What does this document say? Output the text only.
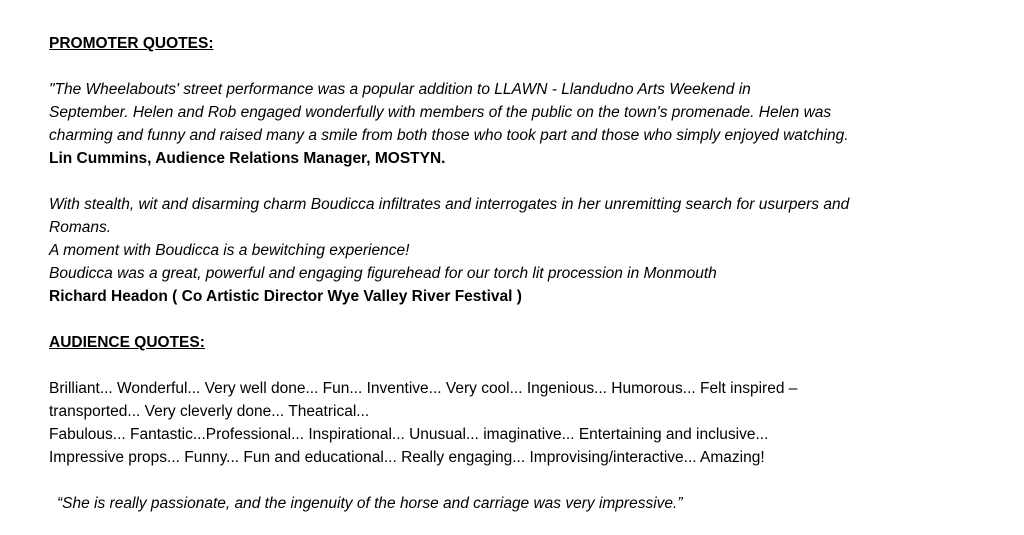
PROMOTER QUOTES:

"The Wheelabouts' street performance was a popular addition to LLAWN - Llandudno Arts Weekend in

September. Helen and Rob engaged wonderfully with members of the public on the town's promenade. Helen was

charming and funny and raised many a smile from both those who took part and those who simply enjoyed watching.

Lin Cummins, Audience Relations Manager, MOSTYN.

With stealth, wit and disarming charm Boudicca infiltrates and interrogates in her unremitting search for usurpers and

Romans.

A moment with Boudicca is a bewitching experience!

Boudicca was a great, powerful and engaging figurehead for our torch lit procession in Monmouth

Richard Headon ( Co Artistic Director Wye Valley River Festival )

AUDIENCE QUOTES:

Brilliant... Wonderful... Very well done... Fun... Inventive... Very cool... Ingenious... Humorous... Felt inspired –

transported... Very cleverly done... Theatrical...

Fabulous... Fantastic...Professional... Inspirational... Unusual... imaginative... Entertaining and inclusive...

Impressive props... Funny... Fun and educational... Really engaging... Improvising/interactive... Amazing!

“She is really passionate, and the ingenuity of the horse and carriage was very impressive.”
